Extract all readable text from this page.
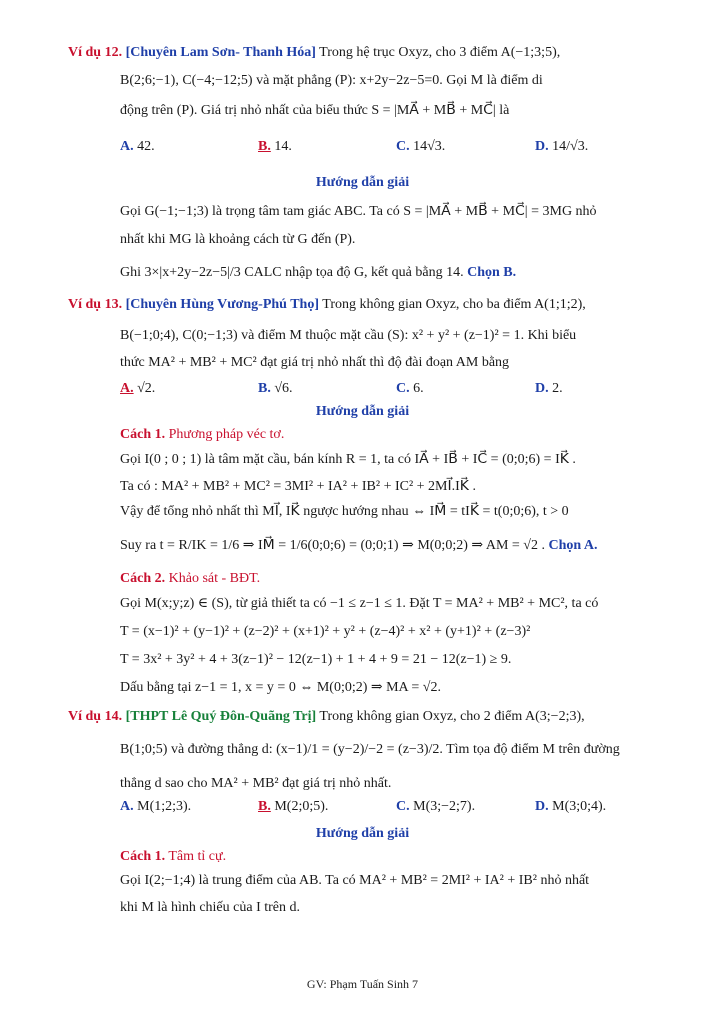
Ví dụ 12. [Chuyên Lam Sơn- Thanh Hóa] Trong hệ trục Oxyz, cho 3 điểm A(−1;3;5),
B(2;6;−1), C(−4;−12;5) và mặt phẳng (P): x+2y−2z−5=0. Gọi M là điểm di
động trên (P). Giá trị nhỏ nhất của biểu thức S = |MA⃗ + MB⃗ + MC⃗| là
A. 42.	B. 14.	C. 14√3.	D. 14/√3.
Hướng dẫn giải
Gọi G(−1;−1;3) là trọng tâm tam giác ABC. Ta có S = |MA⃗ + MB⃗ + MC⃗| = 3MG nhỏ
nhất khi MG là khoảng cách từ G đến (P).
Ghi 3×|x+2y−2z−5|/3 CALC nhập tọa độ G, kết quả bằng 14. Chọn B.
Ví dụ 13. [Chuyên Hùng Vương-Phú Thọ] Trong không gian Oxyz, cho ba điểm A(1;1;2),
B(−1;0;4), C(0;−1;3) và điểm M thuộc mặt cầu (S): x² + y² + (z−1)² = 1. Khi biểu
thức MA² + MB² + MC² đạt giá trị nhỏ nhất thì độ đài đoạn AM bằng
A. √2.	B. √6.	C. 6.	D. 2.
Hướng dẫn giải
Cách 1. Phương pháp véc tơ.
Gọi I(0 ; 0 ; 1) là tâm mặt cầu, bán kính R = 1, ta có IA⃗ + IB⃗ + IC⃗ = (0;0;6) = IK⃗ .
Ta có : MA² + MB² + MC² = 3MI² + IA² + IB² + IC² + 2MI⃗.IK⃗ .
Vậy để tổng nhỏ nhất thì MI⃗, IK⃗ ngược hướng nhau ⇔ IM⃗ = tIK⃗ = t(0;0;6), t > 0
Suy ra t = R/IK = 1/6 ⇒ IM⃗ = 1/6(0;0;6) = (0;0;1) ⇒ M(0;0;2) ⇒ AM = √2 . Chọn A.
Cách 2. Khảo sát - BĐT.
Gọi M(x;y;z) ∈ (S), từ giả thiết ta có −1 ≤ z−1 ≤ 1. Đặt T = MA² + MB² + MC², ta có
T = (x−1)² + (y−1)² + (z−2)² + (x+1)² + y² + (z−4)² + x² + (y+1)² + (z−3)²
T = 3x² + 3y² + 4 + 3(z−1)² − 12(z−1) + 1 + 4 + 9 = 21 − 12(z−1) ≥ 9.
Dấu bằng tại z−1 = 1, x = y = 0 ⇔ M(0;0;2) ⇒ MA = √2.
Ví dụ 14. [THPT Lê Quý Đôn-Quãng Trị] Trong không gian Oxyz, cho 2 điểm A(3;−2;3),
B(1;0;5) và đường thẳng d: (x−1)/1 = (y−2)/−2 = (z−3)/2. Tìm tọa độ điểm M trên đường
thẳng d sao cho MA² + MB² đạt giá trị nhỏ nhất.
A. M(1;2;3).	B. M(2;0;5).	C. M(3;−2;7).	D. M(3;0;4).
Hướng dẫn giải
Cách 1. Tâm tỉ cự.
Gọi I(2;−1;4) là trung điểm của AB. Ta có MA² + MB² = 2MI² + IA² + IB² nhỏ nhất
khi M là hình chiếu của I trên d.
GV: Phạm Tuấn Sinh 7
